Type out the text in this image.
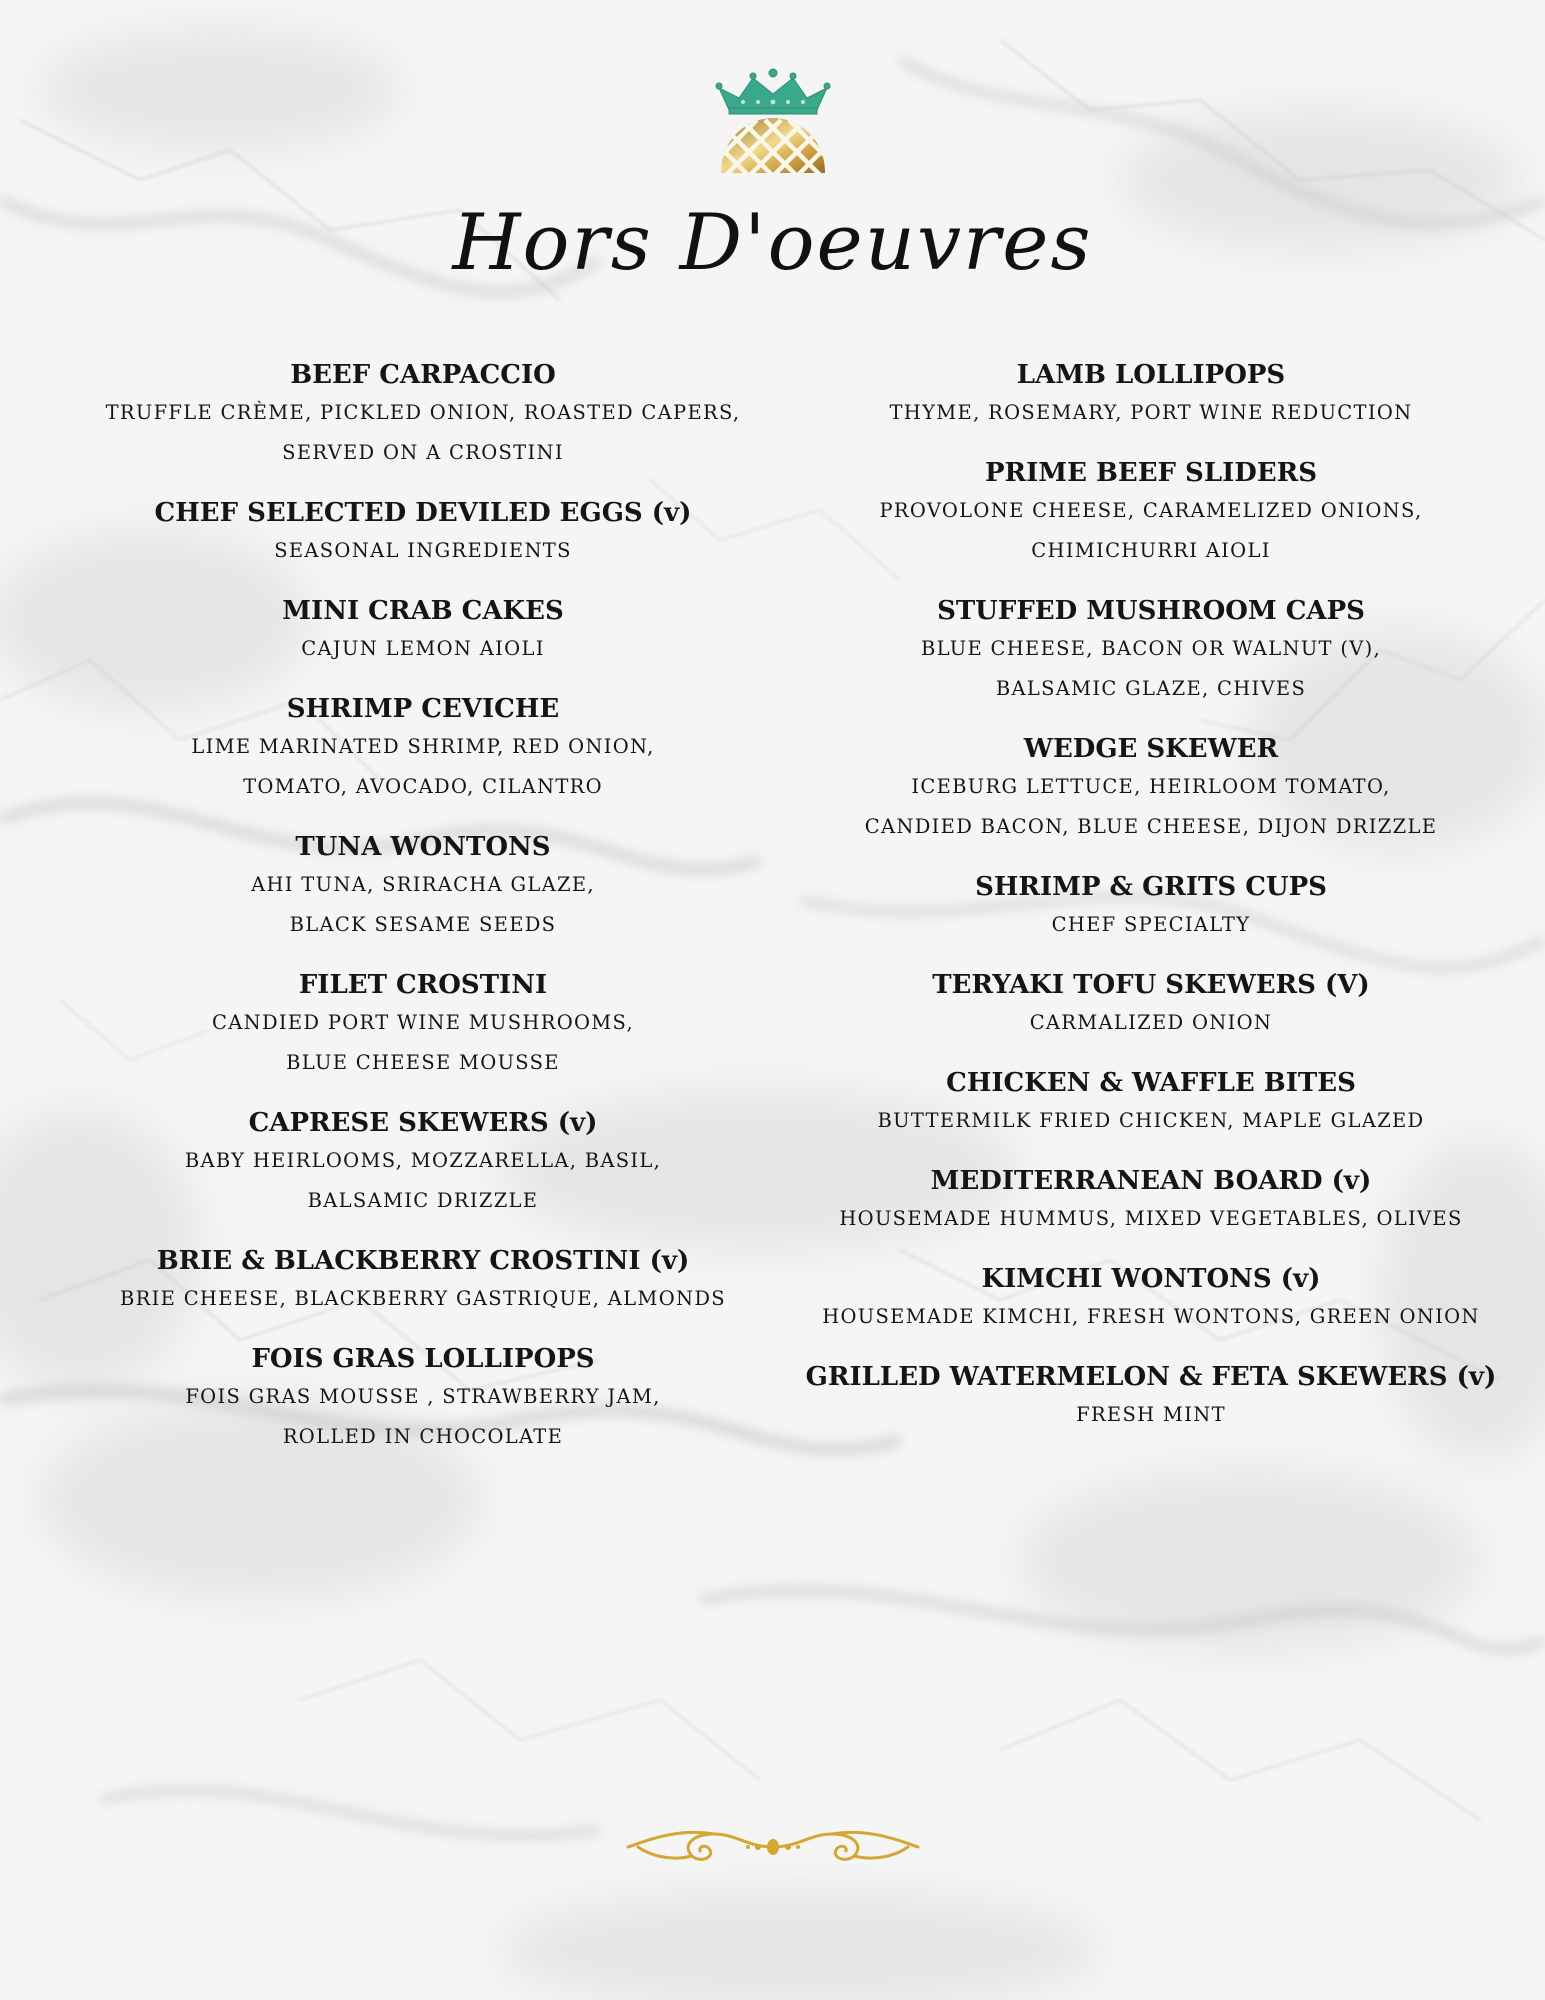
Hors D'oeuvres

BEEF CARPACCIO

TRUFFLE CRÈME, PICKLED ONION, ROASTED CAPERS,

SERVED ON A CROSTINI

CHEF SELECTED DEVILED EGGS (v)

SEASONAL INGREDIENTS

MINI CRAB CAKES

CAJUN LEMON AIOLI

SHRIMP CEVICHE

LIME MARINATED SHRIMP, RED ONION,

TOMATO, AVOCADO, CILANTRO

TUNA WONTONS

AHI TUNA, SRIRACHA GLAZE,

BLACK SESAME SEEDS

FILET CROSTINI

CANDIED PORT WINE MUSHROOMS,

BLUE CHEESE MOUSSE

CAPRESE SKEWERS (v)

BABY HEIRLOOMS, MOZZARELLA, BASIL,

BALSAMIC DRIZZLE

BRIE & BLACKBERRY CROSTINI (v)

BRIE CHEESE, BLACKBERRY GASTRIQUE, ALMONDS

FOIS GRAS LOLLIPOPS

FOIS GRAS MOUSSE , STRAWBERRY JAM,

ROLLED IN CHOCOLATE

LAMB LOLLIPOPS

THYME, ROSEMARY, PORT WINE REDUCTION

PRIME BEEF SLIDERS

PROVOLONE CHEESE, CARAMELIZED ONIONS,

CHIMICHURRI AIOLI

STUFFED MUSHROOM CAPS

BLUE CHEESE, BACON OR WALNUT (V),

BALSAMIC GLAZE, CHIVES

WEDGE SKEWER

ICEBURG LETTUCE, HEIRLOOM TOMATO,

CANDIED BACON, BLUE CHEESE, DIJON DRIZZLE

SHRIMP & GRITS CUPS

CHEF SPECIALTY

TERYAKI TOFU SKEWERS (V)

CARMALIZED ONION

CHICKEN & WAFFLE BITES

BUTTERMILK FRIED CHICKEN, MAPLE GLAZED

MEDITERRANEAN BOARD (v)

HOUSEMADE HUMMUS, MIXED VEGETABLES, OLIVES

KIMCHI WONTONS (v)

HOUSEMADE KIMCHI, FRESH WONTONS, GREEN ONION

GRILLED WATERMELON & FETA SKEWERS (v)

FRESH MINT
